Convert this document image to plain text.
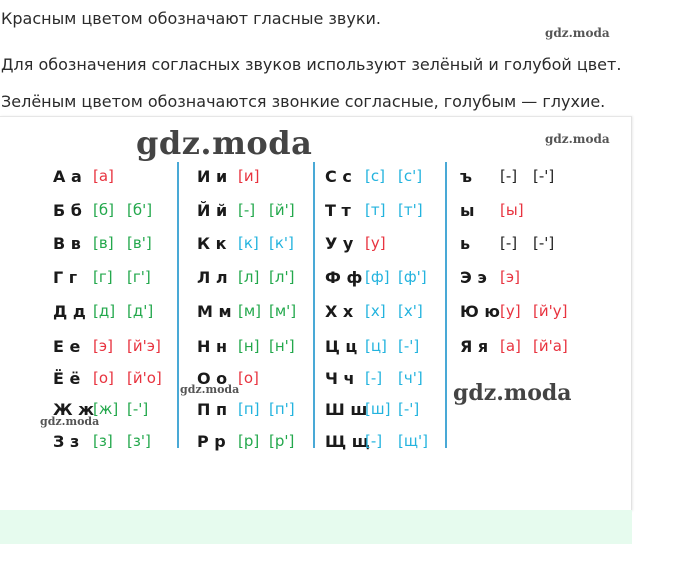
Красным цветом обозначают гласные звуки.

Для обозначения согласных звуков используют зелёный и голубой цвет.

Зелёным цветом обозначаются звонкие согласные, голубым — глухие.

gdz.moda
А а [а]
Б б [б] [б']
В в [в] [в']
Г г [г] [г']
Д д [д] [д']
Е е [э] [й'э]
Ё ё [о] [й'о]
Ж ж
[ж] [-']
З з [з] [з']
И и [и]
Й й [-] [й']
К к [к] [к']
Л л [л] [л']
М м [м] [м']
Н н [н] [н']
О о [о]
П п [п] [п']
Р р [р] [р']
С с [с] [с']
Т т [т] [т']
У у [у]
Ф ф [ф] [ф']
Х х [х] [х']
Ц ц [ц] [-']
Ч ч [-] [ч']
Ш ш
[ш] [-']
Щ щ
[-] [щ']
ъ [-] [-']
ы [ы]
ь [-] [-']
Э э [э]
Ю ю [у] [й'у]
Я я [а] [й'а]
gdz.moda	gdz.moda
gdz.moda
gdz.moda
gdz.moda
